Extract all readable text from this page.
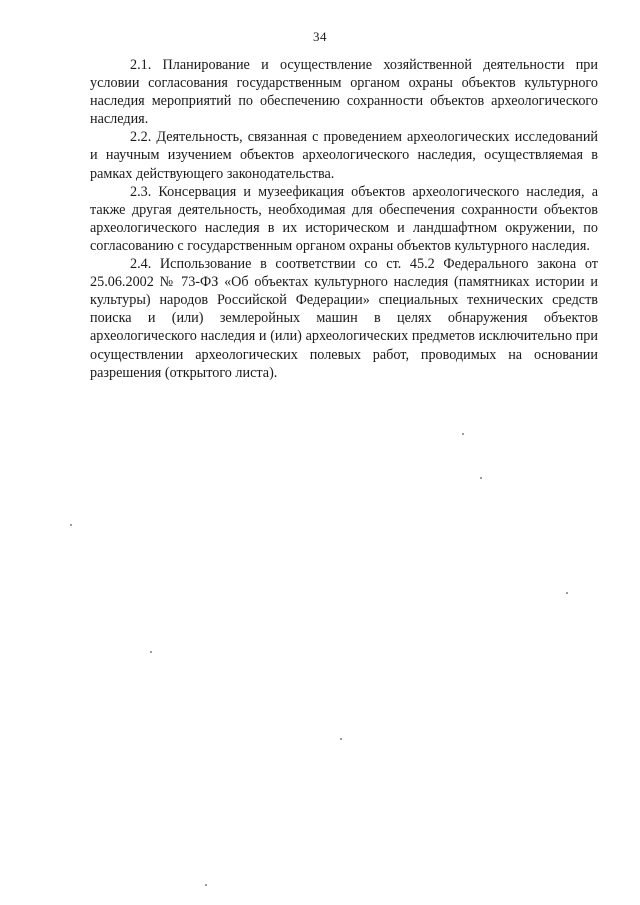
34

2.1. Планирование и осуществление хозяйственной деятельности при условии согласования государственным органом охраны объектов культурного наследия мероприятий по обеспечению сохранности объектов археологического наследия.

2.2. Деятельность, связанная с проведением археологических исследований и научным изучением объектов археологического наследия, осуществляемая в рамках действующего законодательства.

2.3. Консервация и музеефикация объектов археологического наследия, а также другая деятельность, необходимая для обеспечения сохранности объектов археологического наследия в их историческом и ландшафтном окружении, по согласованию с государственным органом охраны объектов культурного наследия.

2.4. Использование в соответствии со ст. 45.2 Федерального закона от 25.06.2002 № 73-ФЗ «Об объектах культурного наследия (памятниках истории и культуры) народов Российской Федерации» специальных технических средств поиска и (или) землеройных машин в целях обнаружения объектов археологического наследия и (или) археологических предметов исключительно при осуществлении археологических полевых работ, проводимых на основании разрешения (открытого листа).
